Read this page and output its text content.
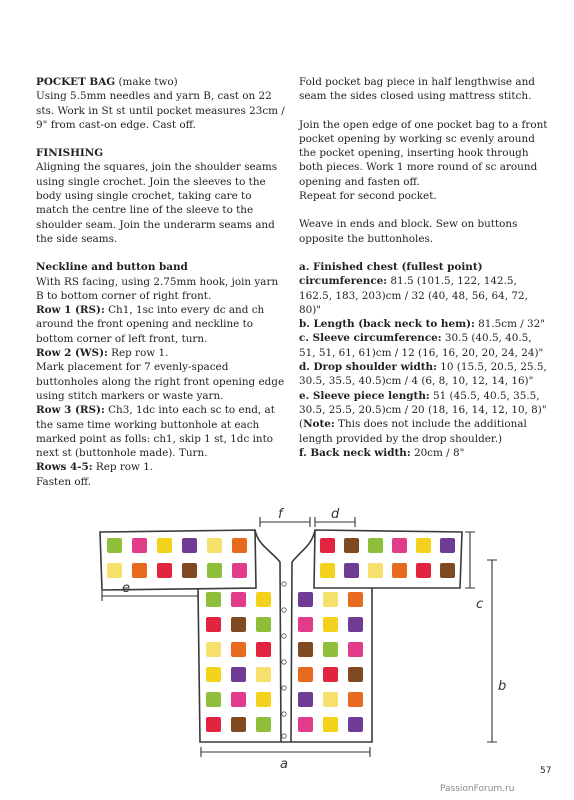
POCKET BAG (make two)

Using 5.5mm needles and yarn B, cast on 22 sts. Work in St st until pocket measures 23cm / 9" from cast-on edge. Cast off.

FINISHING

Aligning the squares, join the shoulder seams using single crochet. Join the sleeves to the body using single crochet, taking care to match the centre line of the sleeve to the shoulder seam. Join the underarm seams and the side seams.

Neckline and button band

With RS facing, using 2.75mm hook, join yarn B to bottom corner of right front.

Row 1 (RS): Ch1, 1sc into every dc and ch around the front opening and neckline to bottom corner of left front, turn.

Row 2 (WS): Rep row 1.

Mark placement for 7 evenly-spaced buttonholes along the right front opening edge using stitch markers or waste yarn.

Row 3 (RS): Ch3, 1dc into each sc to end, at the same time working buttonhole at each marked point as folls: ch1, skip 1 st, 1dc into next st (buttonhole made). Turn.

Rows 4-5: Rep row 1.

Fasten off.

Fold pocket bag piece in half lengthwise and seam the sides closed using mattress stitch.

Join the open edge of one pocket bag to a front pocket opening by working sc evenly around the pocket opening, inserting hook through both pieces. Work 1 more round of sc around opening and fasten off.

Repeat for second pocket.

Weave in ends and block. Sew on buttons opposite the buttonholes.

a. Finished chest (fullest point) circumference: 81.5 (101.5, 122, 142.5, 162.5, 183, 203)cm / 32 (40, 48, 56, 64, 72, 80)"

b. Length (back neck to hem): 81.5cm / 32"

c. Sleeve circumference: 30.5 (40.5, 40.5, 51, 51, 61, 61)cm / 12 (16, 16, 20, 20, 24, 24)"

d. Drop shoulder width: 10 (15.5, 20.5, 25.5, 30.5, 35.5, 40.5)cm / 4 (6, 8, 10, 12, 14, 16)"

e. Sleeve piece length: 51 (45.5, 40.5, 35.5, 30.5, 25.5, 20.5)cm / 20 (18, 16, 14, 12, 10, 8)"

(Note: This does not include the additional length provided by the drop shoulder.)

f. Back neck width: 20cm / 8"

a
b
c
d
e
f
57
PassionForum.ru
